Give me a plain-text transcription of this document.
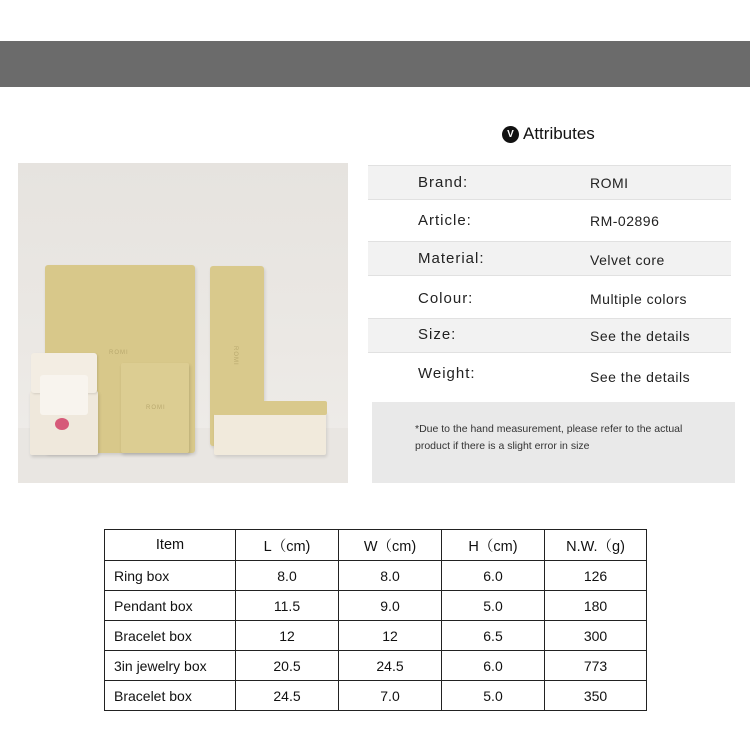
V Attributes
ROMI	ROMI
ROMI
Brand:	ROMI
Article:	RM-02896
Material:	Velvet core
Colour:	Multiple colors
Size:	See the details
Weight:	See the details
*Due to the hand measurement, please refer to the actual
product if there is a slight error in size
Item	L（cm)	W（cm)	H（cm)	N.W.（g)
Ring box	8.0	8.0	6.0	126
Pendant box	11.5	9.0	5.0	180
Bracelet box	12	12	6.5	300
3in jewelry box	20.5	24.5	6.0	773
Bracelet box	24.5	7.0	5.0	350
